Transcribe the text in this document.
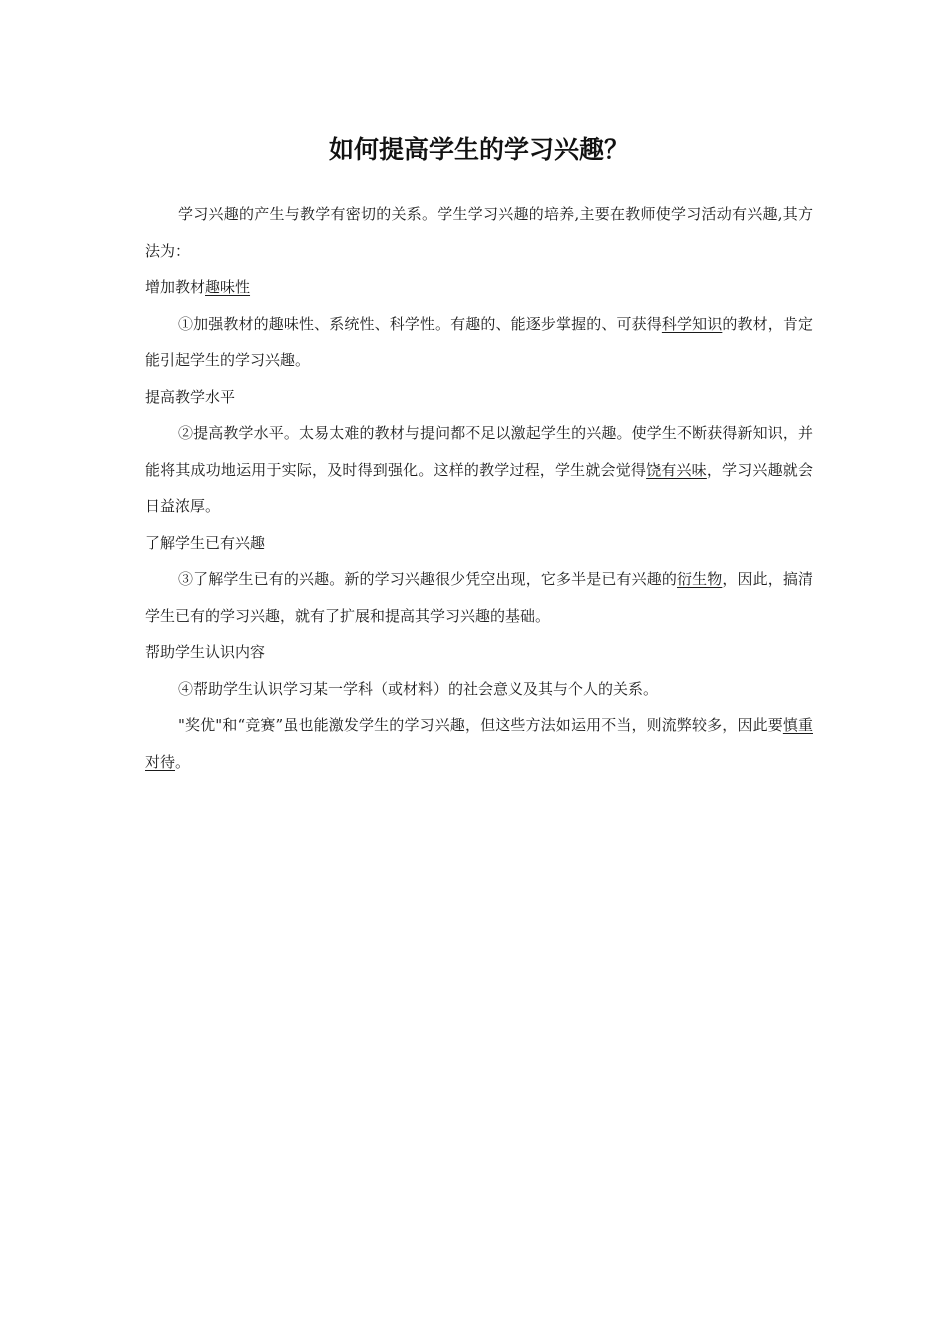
如何提高学生的学习兴趣？

学习兴趣的产生与教学有密切的关系。学生学习兴趣的培养,主要在教师使学习活动有兴趣,其方法为：

增加教材趣味性

①加强教材的趣味性、系统性、科学性。有趣的、能逐步掌握的、可获得科学知识的教材，肯定能引起学生的学习兴趣。

提高教学水平

②提高教学水平。太易太难的教材与提问都不足以激起学生的兴趣。使学生不断获得新知识，并能将其成功地运用于实际，及时得到强化。这样的教学过程，学生就会觉得饶有兴味，学习兴趣就会日益浓厚。

了解学生已有兴趣

③了解学生已有的兴趣。新的学习兴趣很少凭空出现，它多半是已有兴趣的衍生物，因此，搞清学生已有的学习兴趣，就有了扩展和提高其学习兴趣的基础。

帮助学生认识内容

④帮助学生认识学习某一学科（或材料）的社会意义及其与个人的关系。

"奖优"和“竞赛”虽也能激发学生的学习兴趣，但这些方法如运用不当，则流弊较多，因此要慎重对待。
